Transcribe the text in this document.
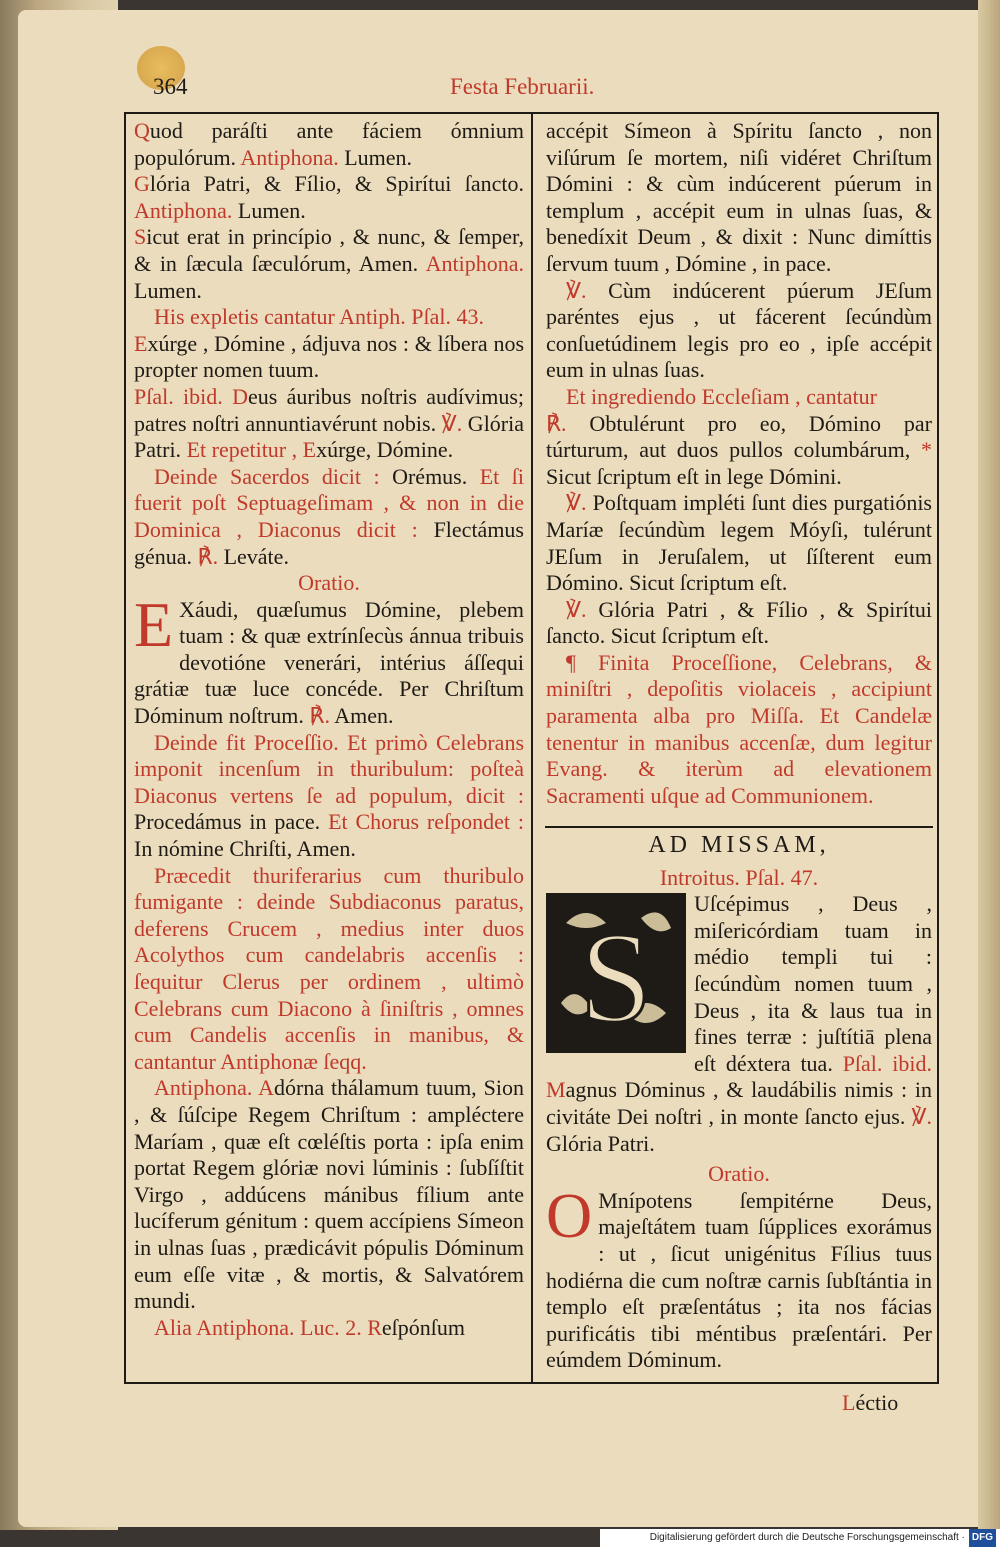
364	Festa Februarii.

Quod paráſti ante fáciem ómnium populórum. Antiphona. Lumen.

Glória Patri, & Fílio, & Spirítui ſancto. Antiphona. Lumen.

Sicut erat in princípio , & nunc, & ſemper, & in ſæcula ſæculórum, Amen. Antiphona. Lumen.

His expletis cantatur Antiph. Pſal. 43.

Exúrge , Dómine , ádjuva nos : & líbera nos propter nomen tuum.

Pſal. ibid. Deus áuribus noſtris audívimus; patres noſtri annuntiavérunt nobis. ℣. Glória Patri. Et repetitur , Exúrge, Dómine.

Deinde Sacerdos dicit : Orémus. Et ſi fuerit poſt Septuageſimam , & non in die Dominica , Diaconus dicit : Flectámus génua. ℟. Leváte.

Oratio.

E Xáudi, quæſumus Dómine, plebem tuam : & quæ extrínſecùs ánnua tribuis devotióne venerári, intérius áſſequi grátiæ tuæ luce concéde. Per Chriſtum Dóminum noſtrum. ℟. Amen.

Deinde fit Proceſſio. Et primò Celebrans imponit incenſum in thuribulum: poſteà Diaconus vertens ſe ad populum, dicit : Procedámus in pace. Et Chorus reſpondet : In nómine Chriſti, Amen.

Præcedit thuriferarius cum thuribulo fumigante : deinde Subdiaconus paratus, deferens Crucem , medius inter duos Acolythos cum candelabris accenſis : ſequitur Clerus per ordinem , ultimò Celebrans cum Diacono à ſiniſtris , omnes cum Candelis accenſis in manibus, & cantantur Antiphonæ ſeqq.

Antiphona. Adórna thálamum tuum, Sion , & ſúſcipe Regem Chriſtum : ampléctere Maríam , quæ eſt cœléſtis porta : ipſa enim portat Regem glóriæ novi lúminis : ſubſíſtit Virgo , addúcens mánibus fílium ante lucíferum génitum : quem accípiens Símeon in ulnas ſuas , prædicávit pópulis Dóminum eum eſſe vitæ , & mortis, & Salvatórem mundi.

Alia Antiphona. Luc. 2. Reſpónſum

accépit Símeon à Spíritu ſancto , non viſúrum ſe mortem, niſi vidéret Chriſtum Dómini : & cùm indúcerent púerum in templum , accépit eum in ulnas ſuas, & benedíxit Deum , & dixit : Nunc dimíttis ſervum tuum , Dómine , in pace.

℣. Cùm indúcerent púerum JEſum paréntes ejus , ut fácerent ſecúndùm conſuetúdinem legis pro eo , ipſe accépit eum in ulnas ſuas.

Et ingrediendo Eccleſiam , cantatur

℟. Obtulérunt pro eo, Dómino par túrturum, aut duos pullos columbárum, * Sicut ſcriptum eſt in lege Dómini.

℣. Poſtquam impléti ſunt dies purgatiónis Maríæ ſecúndùm legem Móyſi, tulérunt JEſum in Jeruſalem, ut ſíſterent eum Dómino. Sicut ſcriptum eſt.

℣. Glória Patri , & Fílio , & Spirítui ſancto. Sicut ſcriptum eſt.

¶ Finita Proceſſione, Celebrans, & miniſtri , depoſitis violaceis , accipiunt paramenta alba pro Miſſa. Et Candelæ tenentur in manibus accenſæ, dum legitur Evang. & iterùm ad elevationem Sacramenti uſque ad Communionem.

AD MISSAM,

Introitus. Pſal. 47.

S
Uſcépimus , Deus , miſericórdiam tuam in médio templi tui : ſecúndùm nomen tuum , Deus , ita & laus tua in fines terræ : juſtítiā plena eſt déxtera tua. Pſal. ibid. Magnus Dóminus , & laudábilis nimis : in civitáte Dei noſtri , in monte ſancto ejus. ℣. Glória Patri.

Oratio.

O Mnípotens ſempitérne Deus, majeſtátem tuam ſúpplices exorámus : ut , ſicut unigénitus Fílius tuus hodiérna die cum noſtræ carnis ſubſtántia in templo eſt præſentátus ; ita nos fácias purificátis tibi méntibus præſentári. Per eúmdem Dóminum.

Léctio
Digitalisierung gefördert durch die Deutsche Forschungsgemeinschaft · DFG
